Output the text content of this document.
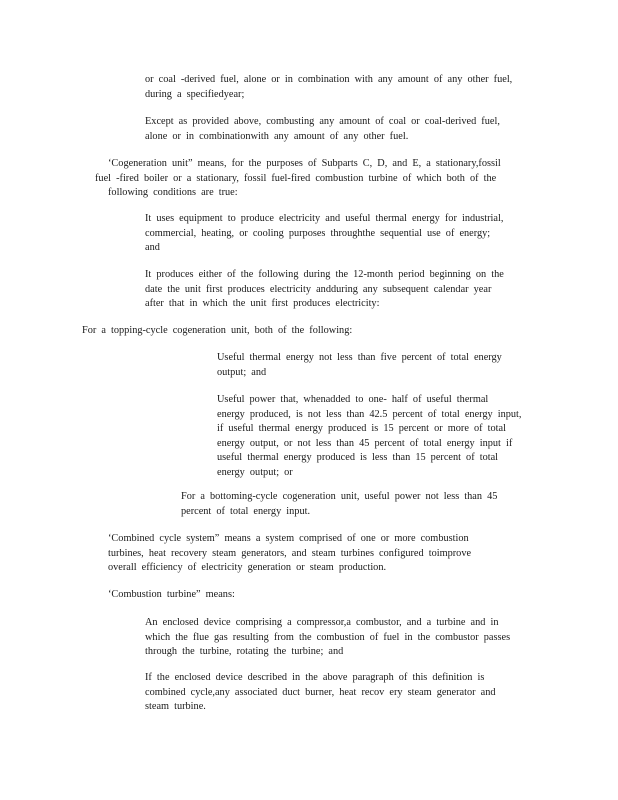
or coal -derived fuel, alone or in combination with any amount of any other fuel,
during a specifiedyear;

Except as provided above, combusting any amount of coal or coal-derived fuel,
alone or in combinationwith any amount of any other fuel.

‘Cogeneration unit” means, for the purposes of Subparts C, D, and E, a stationary,fossil
fuel -fired boiler or a stationary, fossil fuel-fired combustion turbine of which both of the
following conditions are true:

It uses equipment to produce electricity and useful thermal energy for industrial,
commercial, heating, or cooling purposes throughthe sequential use of energy;
and

It produces either of the following during the 12-month period beginning on the
date the unit first produces electricity andduring any subsequent calendar year
after that in which the unit first produces electricity:

For a topping-cycle cogeneration unit, both of the following:

Useful thermal energy not less than five percent of total energy
output; and

Useful power that, whenadded to one- half of useful thermal
energy produced, is not less than 42.5 percent of total energy input,
if useful thermal energy produced is 15 percent or more of total
energy output, or not less than 45 percent of total energy input if
useful thermal energy produced is less than 15 percent of total
energy output; or

For a bottoming-cycle cogeneration unit, useful power not less than 45
percent of total energy input.

‘Combined cycle system” means a system comprised of one or more combustion
turbines, heat recovery steam generators, and steam turbines configured toimprove
overall efficiency of electricity generation or steam production.

‘Combustion turbine” means:

An enclosed device comprising a compressor,a combustor, and a turbine and in
which the flue gas resulting from the combustion of fuel in the combustor passes
through the turbine, rotating the turbine; and

If the enclosed device described in the above paragraph of this definition is
combined cycle,any associated duct burner, heat recov ery steam generator and
steam turbine.
